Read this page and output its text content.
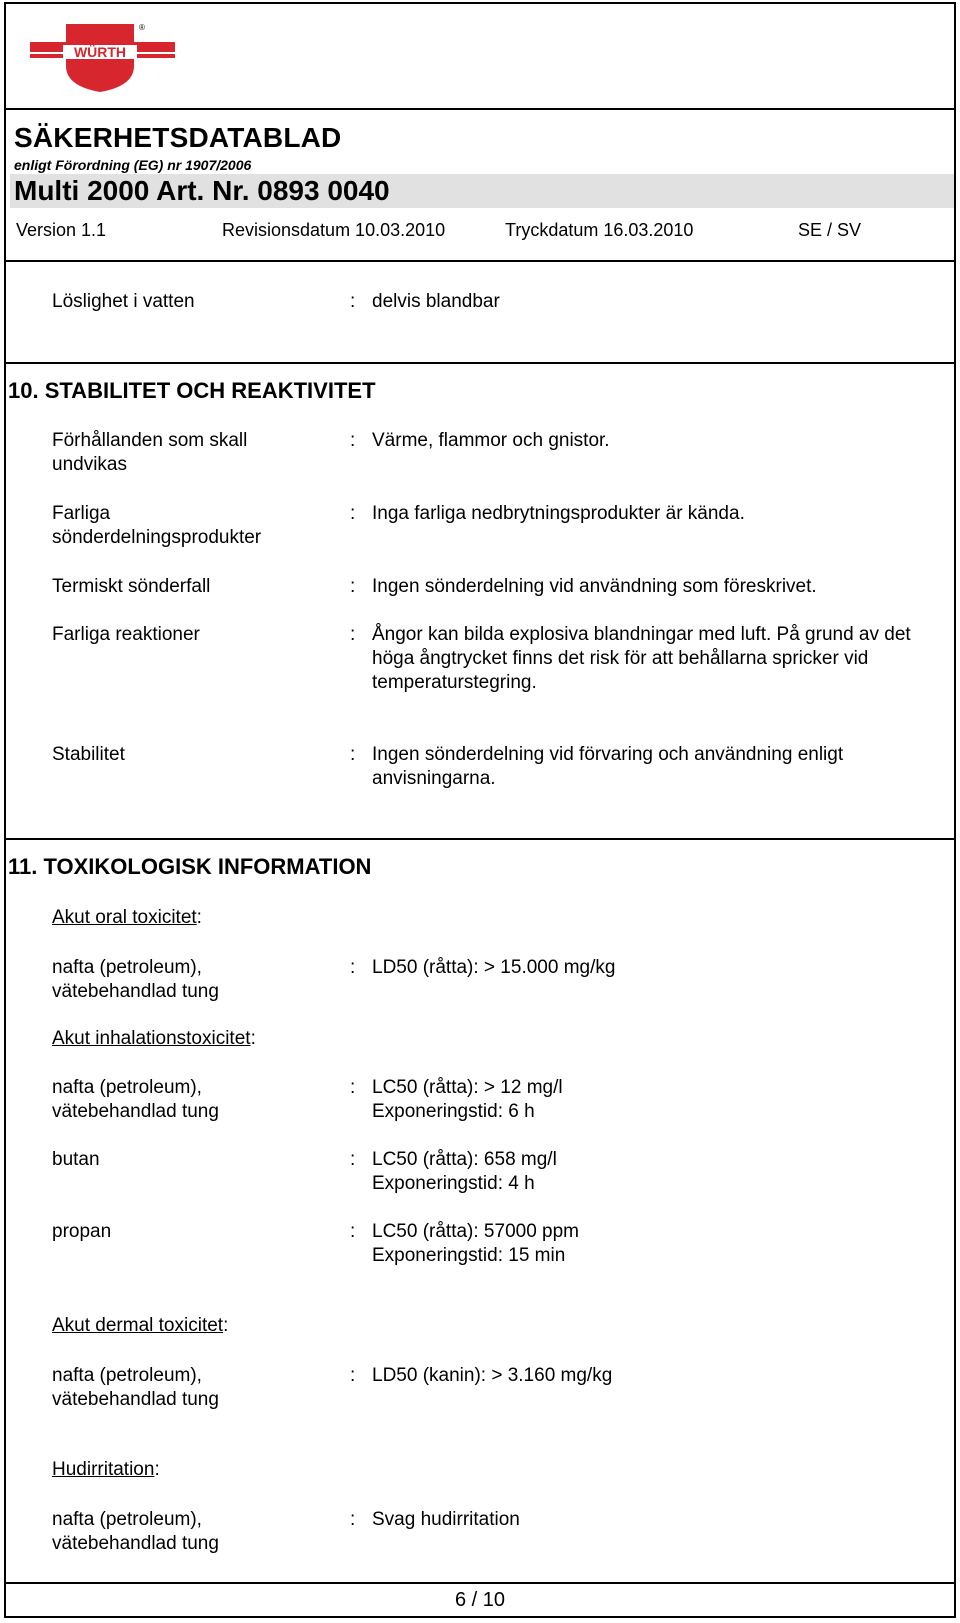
WÜRTH
®
SÄKERHETSDATABLAD
enligt Förordning (EG) nr 1907/2006
Multi 2000 Art. Nr. 0893 0040
Version 1.1	Revisionsdatum 10.03.2010	Tryckdatum 16.03.2010	SE / SV
Löslighet i vatten	: delvis blandbar
10. STABILITET OCH REAKTIVITET
Förhållanden som skall undvikas
: Värme, flammor och gnistor.
Farliga sönderdelningsprodukter
: Inga farliga nedbrytningsprodukter är kända.
Termiskt sönderfall	: Ingen sönderdelning vid användning som föreskrivet.
Farliga reaktioner	: Ångor kan bilda explosiva blandningar med luft. På grund av det höga ångtrycket finns det risk för att behållarna spricker vid temperaturstegring.
Stabilitet	: Ingen sönderdelning vid förvaring och användning enligt anvisningarna.
11. TOXIKOLOGISK INFORMATION
Akut oral toxicitet:
nafta (petroleum), vätebehandlad tung
: LD50 (råtta): > 15.000 mg/kg
Akut inhalationstoxicitet:
nafta (petroleum), vätebehandlad tung
: LC50 (råtta): > 12 mg/l
Exponeringstid: 6 h
butan	: LC50 (råtta): 658 mg/l
Exponeringstid: 4 h
propan	: LC50 (råtta): 57000 ppm
Exponeringstid: 15 min
Akut dermal toxicitet:
nafta (petroleum), vätebehandlad tung
: LD50 (kanin): > 3.160 mg/kg
Hudirritation:
nafta (petroleum), vätebehandlad tung
: Svag hudirritation
6 / 10
